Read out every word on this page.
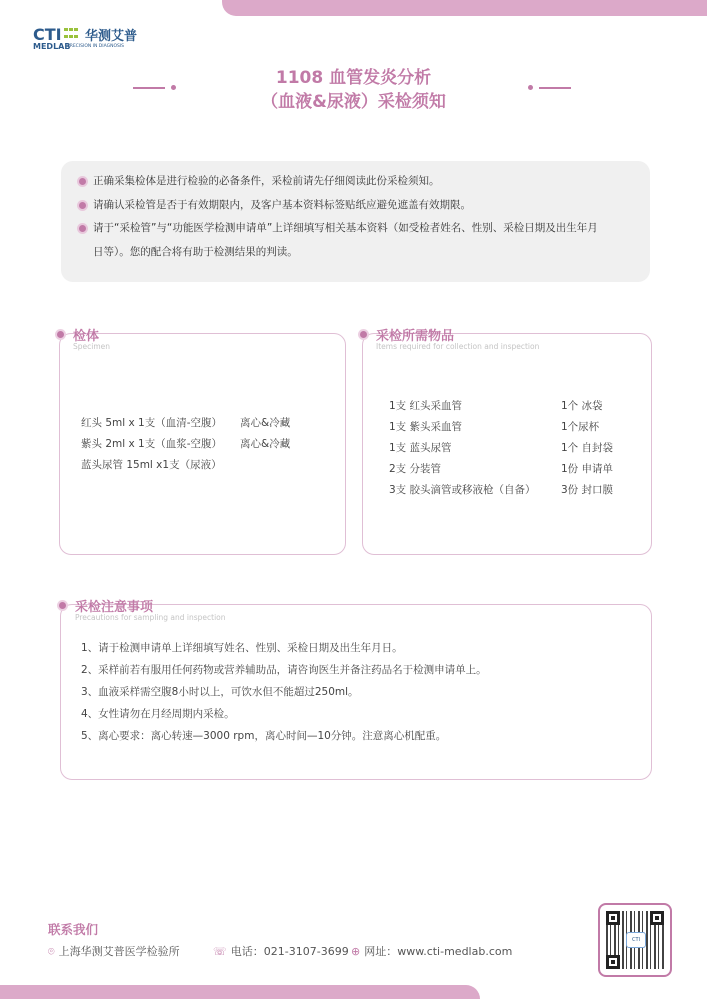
CTI 华测艾普
MEDLAB
PRECISION IN DIAGNOSIS
1108 血管发炎分析
（血液&尿液）采检须知
正确采集检体是进行检验的必备条件，采检前请先仔细阅读此份采检须知。
请确认采检管是否于有效期限内，及客户基本资料标签贴纸应避免遮盖有效期限。
请于“采检管”与“功能医学检测申请单”上详细填写相关基本资料（如受检者姓名、性别、采检日期及出生年月
日等）。您的配合将有助于检测结果的判读。
检体
Specimen
红头 5ml x 1支（血清-空腹）	离心&冷藏
紫头 2ml x 1支（血浆-空腹）	离心&冷藏
蓝头尿管 15ml x1支（尿液）
采检所需物品
Items required for collection and inspection
1支 红头采血管	1个 冰袋
1支 紫头采血管	1个尿杯
1支 蓝头尿管	1个 自封袋
2支 分装管	1份 申请单
3支 胶头滴管或移液枪（自备）	3份 封口膜
采检注意事项
Precautions for sampling and inspection
1、请于检测申请单上详细填写姓名、性别、采检日期及出生年月日。
2、采样前若有服用任何药物或营养辅助品，请咨询医生并备注药品名于检测申请单上。
3、血液采样需空腹8小时以上，可饮水但不能超过250ml。
4、女性请勿在月经周期内采检。
5、离心要求：离心转速—3000 rpm，离心时间—10分钟。注意离心机配重。
联系我们
⌾ 上海华测艾普医学检验所	☏ 电话：021-3107-3699 ⊕ 网址：www.cti-medlab.com
CTI
